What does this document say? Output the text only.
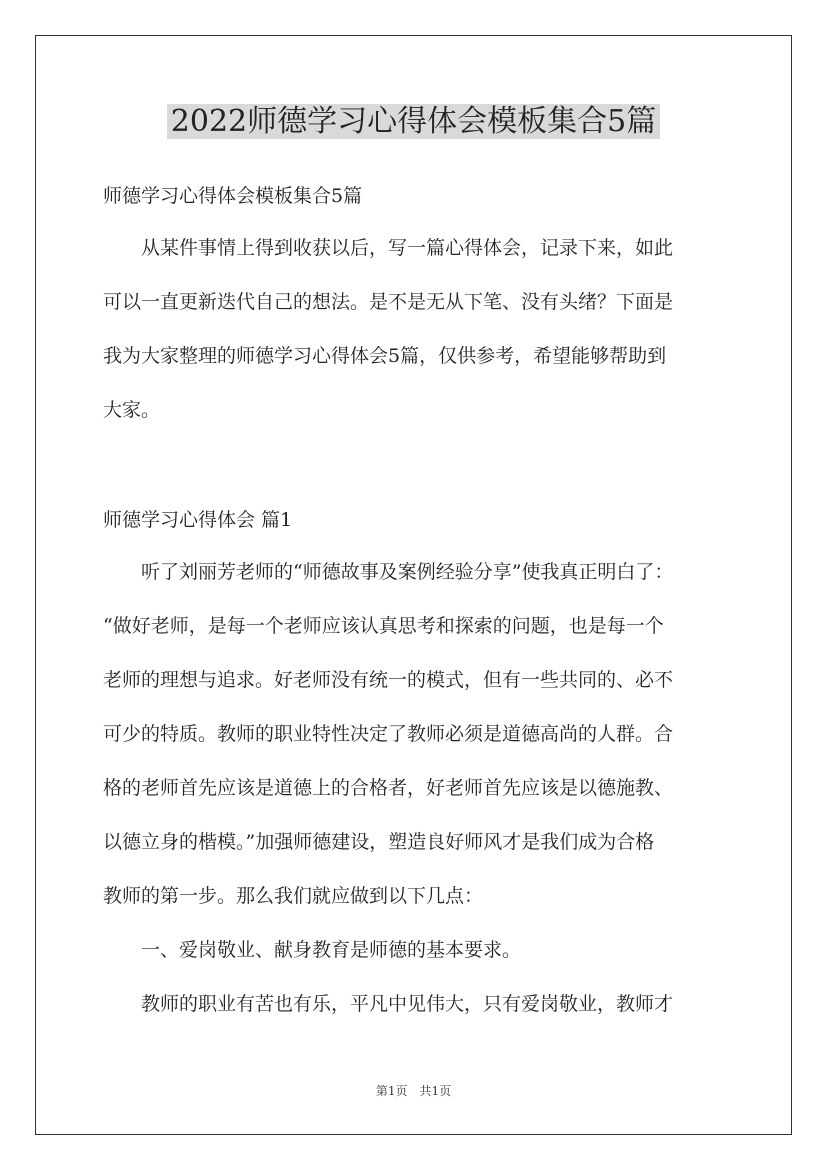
2022师德学习心得体会模板集合5篇
师德学习心得体会模板集合5篇
从某件事情上得到收获以后，写一篇心得体会，记录下来，如此
可以一直更新迭代自己的想法。是不是无从下笔、没有头绪？下面是
我为大家整理的师德学习心得体会5篇，仅供参考，希望能够帮助到
大家。
师德学习心得体会 篇1
听了刘丽芳老师的“师德故事及案例经验分享”使我真正明白了：
“做好老师，是每一个老师应该认真思考和探索的问题，也是每一个
老师的理想与追求。好老师没有统一的模式，但有一些共同的、必不
可少的特质。教师的职业特性决定了教师必须是道德高尚的人群。合
格的老师首先应该是道德上的合格者，好老师首先应该是以德施教、
以德立身的楷模。”加强师德建设，塑造良好师风才是我们成为合格
教师的第一步。那么我们就应做到以下几点：
一、爱岗敬业、献身教育是师德的基本要求。
教师的职业有苦也有乐，平凡中见伟大，只有爱岗敬业，教师才
第1页　共1页
